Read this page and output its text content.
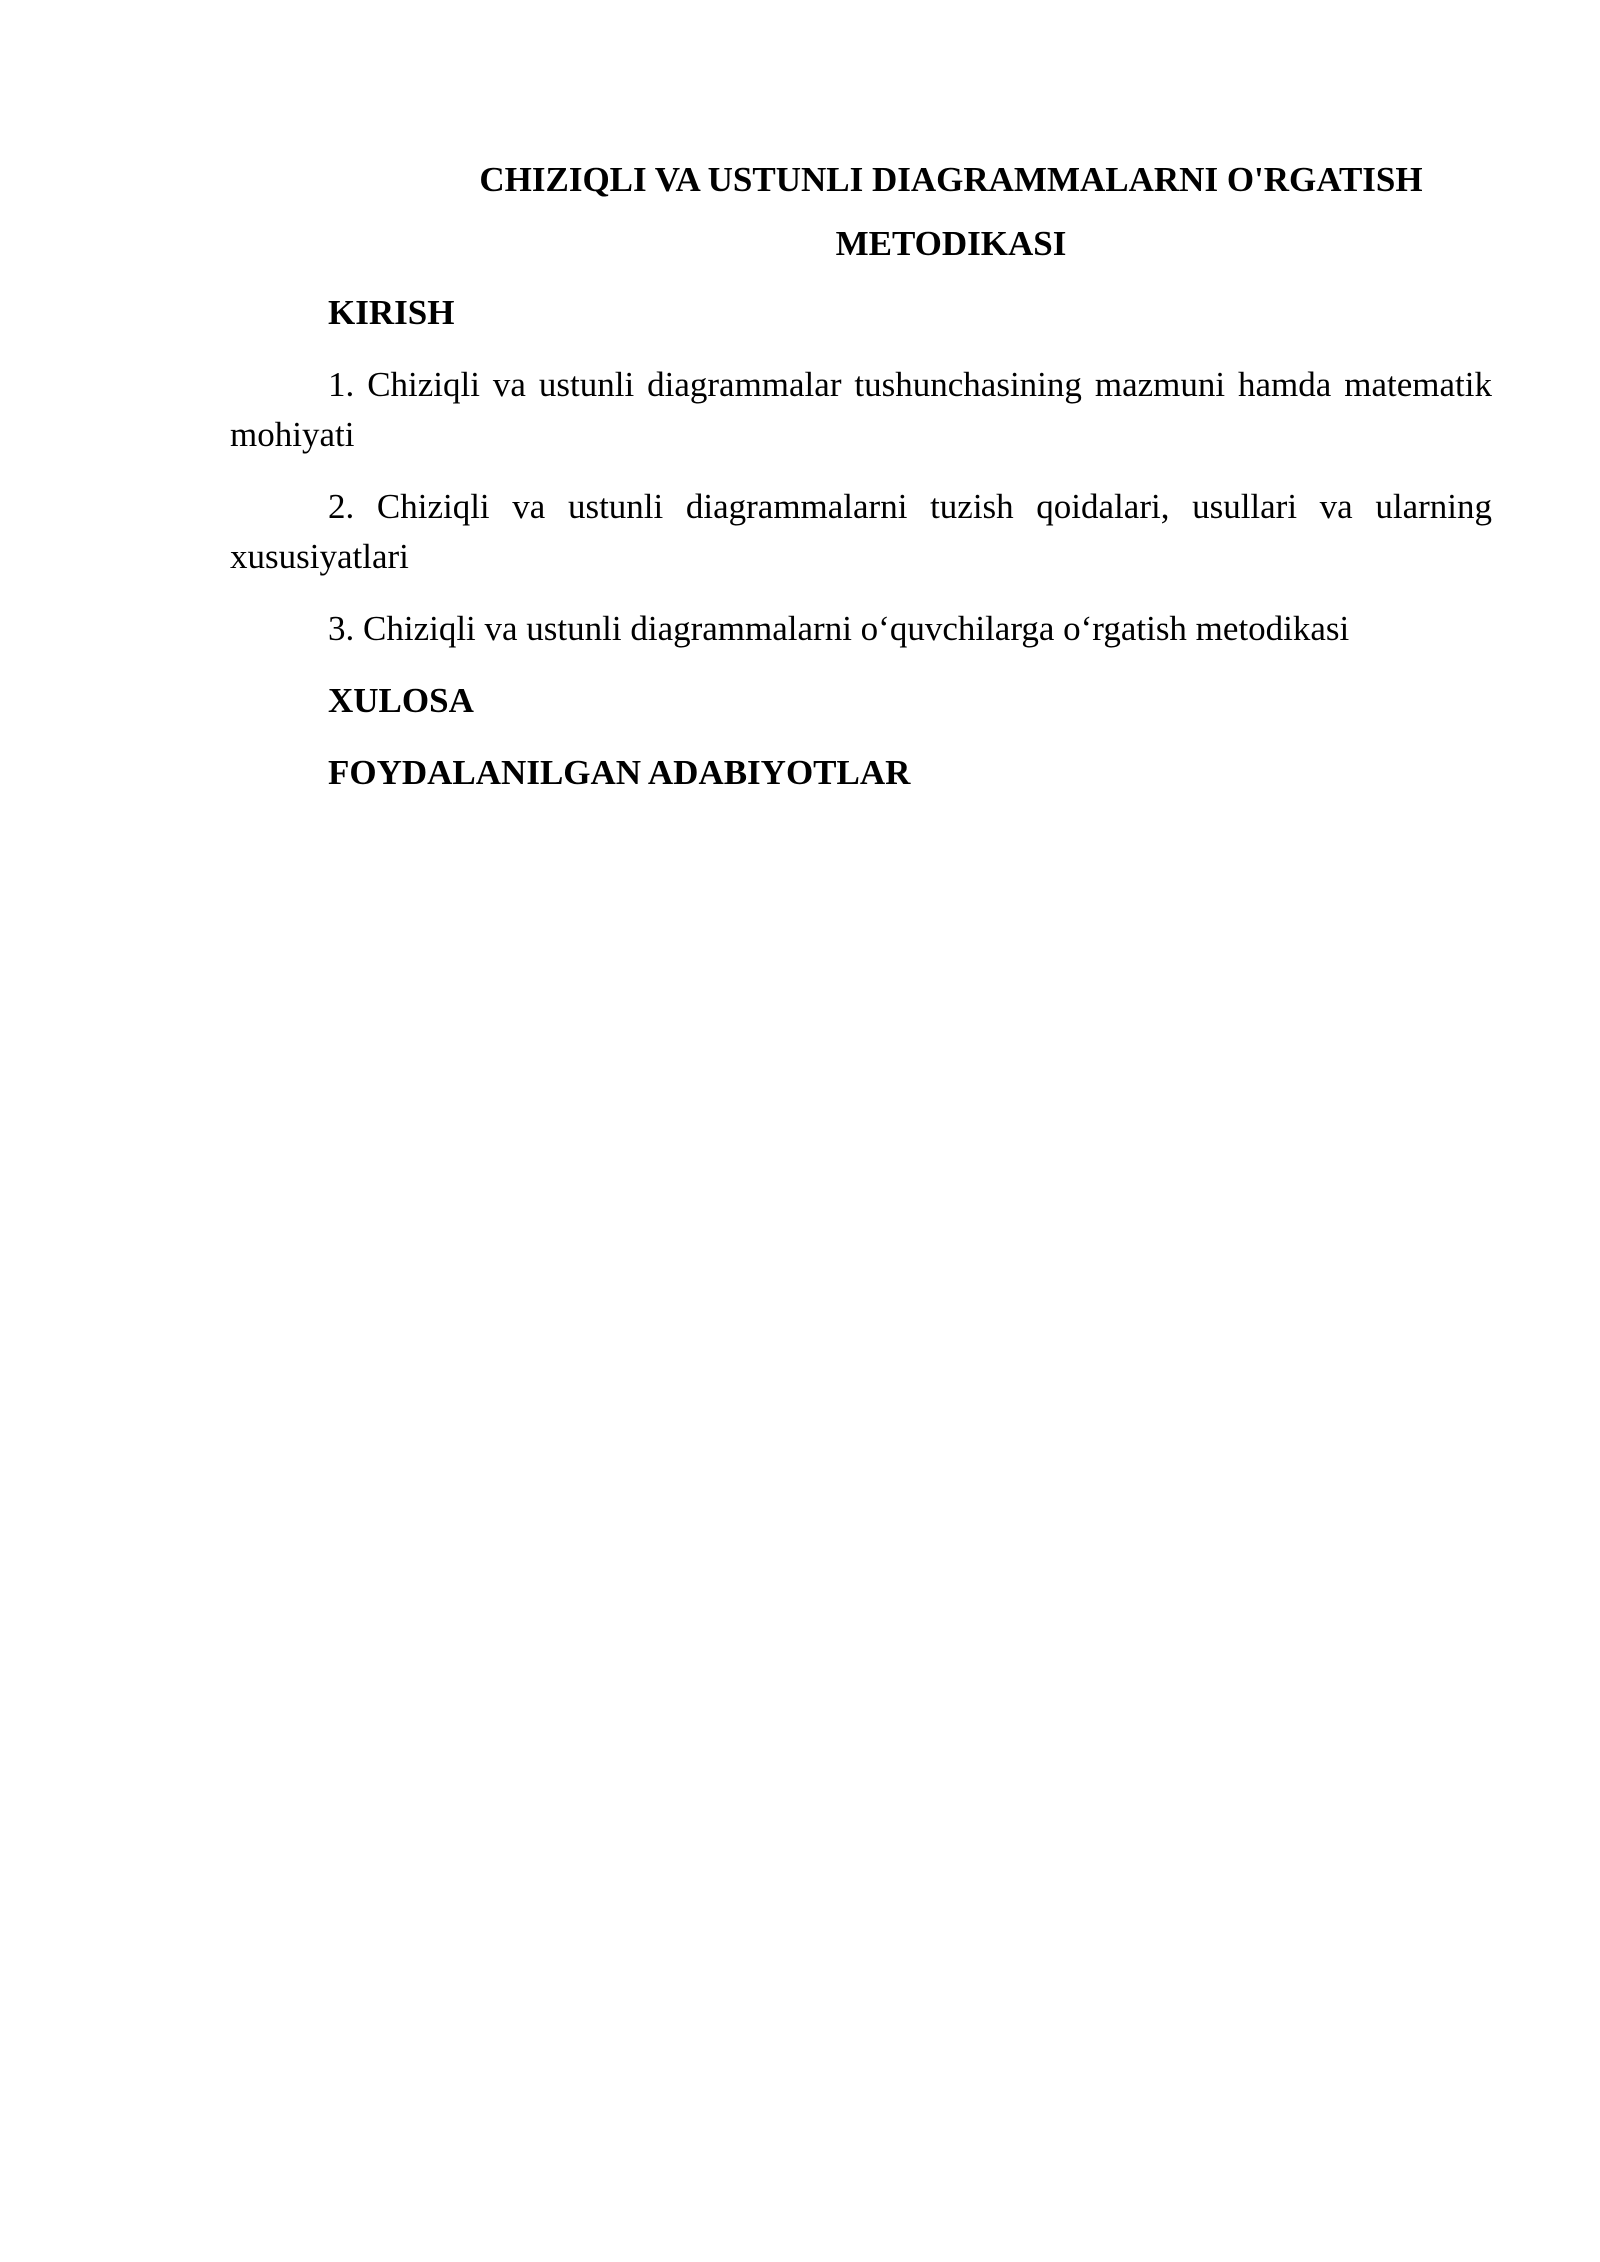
CHIZIQLI VA USTUNLI DIAGRAMMALARNI O'RGATISH

METODIKASI

KIRISH

1. Chiziqli va ustunli diagrammalar tushunchasining mazmuni hamda matematik mohiyati

2. Chiziqli va ustunli diagrammalarni tuzish qoidalari, usullari va ularning xususiyatlari

3. Chiziqli va ustunli diagrammalarni o‘quvchilarga o‘rgatish metodikasi

XULOSA

FOYDALANILGAN ADABIYOTLAR
